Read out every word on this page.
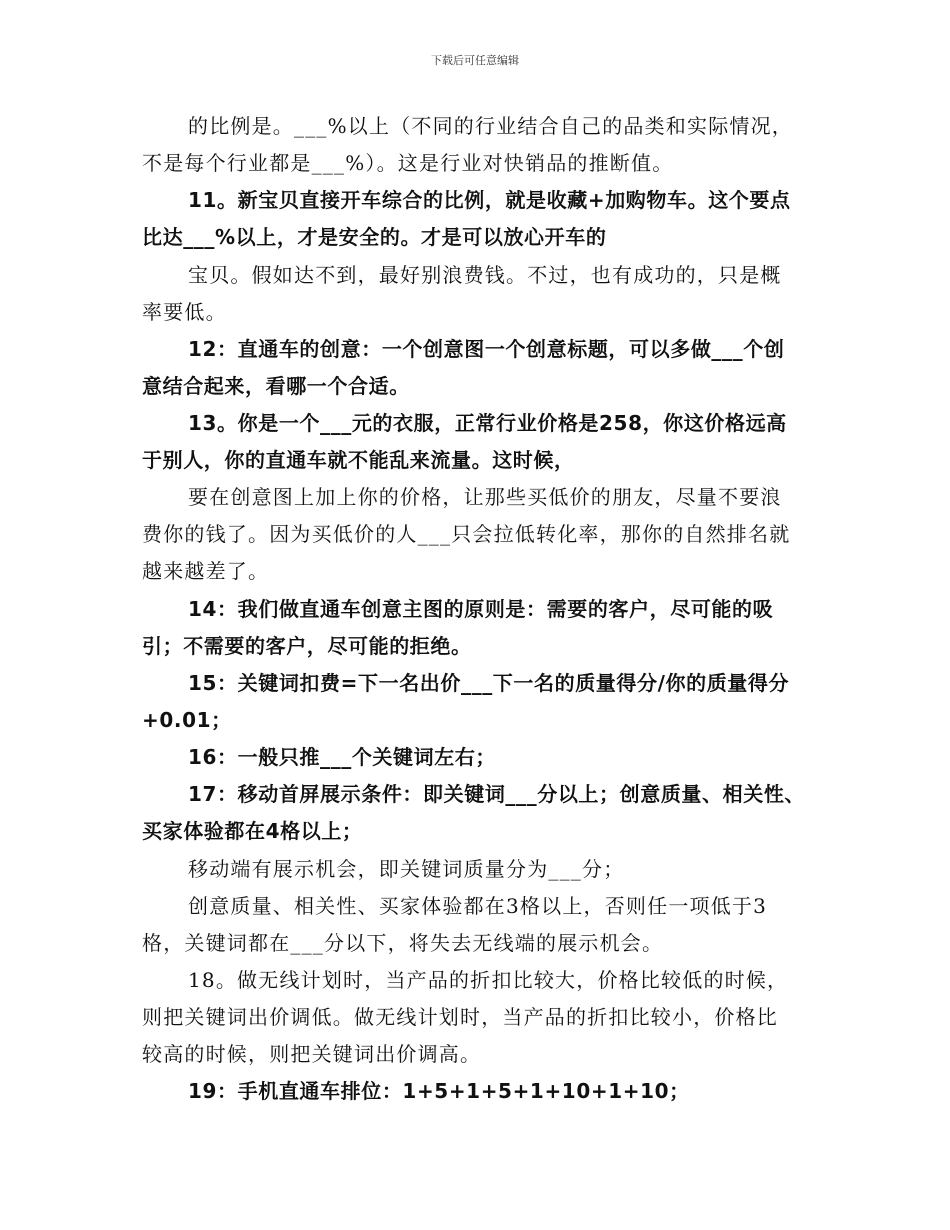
下载后可任意编辑
的比例是。___%以上（不同的行业结合自己的品类和实际情况，
不是每个行业都是___%）。这是行业对快销品的推断值。
11。新宝贝直接开车综合的比例，就是收藏+加购物车。这个要点
比达___%以上，才是安全的。才是可以放心开车的
宝贝。假如达不到，最好别浪费钱。不过，也有成功的，只是概
率要低。
12：直通车的创意：一个创意图一个创意标题，可以多做___个创
意结合起来，看哪一个合适。
13。你是一个___元的衣服，正常行业价格是258，你这价格远高
于别人，你的直通车就不能乱来流量。这时候，
要在创意图上加上你的价格，让那些买低价的朋友，尽量不要浪
费你的钱了。因为买低价的人___只会拉低转化率，那你的自然排名就
越来越差了。
14：我们做直通车创意主图的原则是：需要的客户，尽可能的吸
引；不需要的客户，尽可能的拒绝。
15：关键词扣费=下一名出价___下一名的质量得分/你的质量得分
+0.01；
16：一般只推___个关键词左右；
17：移动首屏展示条件：即关键词___分以上；创意质量、相关性、
买家体验都在4格以上；
移动端有展示机会，即关键词质量分为___分；
创意质量、相关性、买家体验都在3格以上，否则任一项低于3
格，关键词都在___分以下，将失去无线端的展示机会。
18。做无线计划时，当产品的折扣比较大，价格比较低的时候，
则把关键词出价调低。做无线计划时，当产品的折扣比较小，价格比
较高的时候，则把关键词出价调高。
19：手机直通车排位：1+5+1+5+1+10+1+10；
